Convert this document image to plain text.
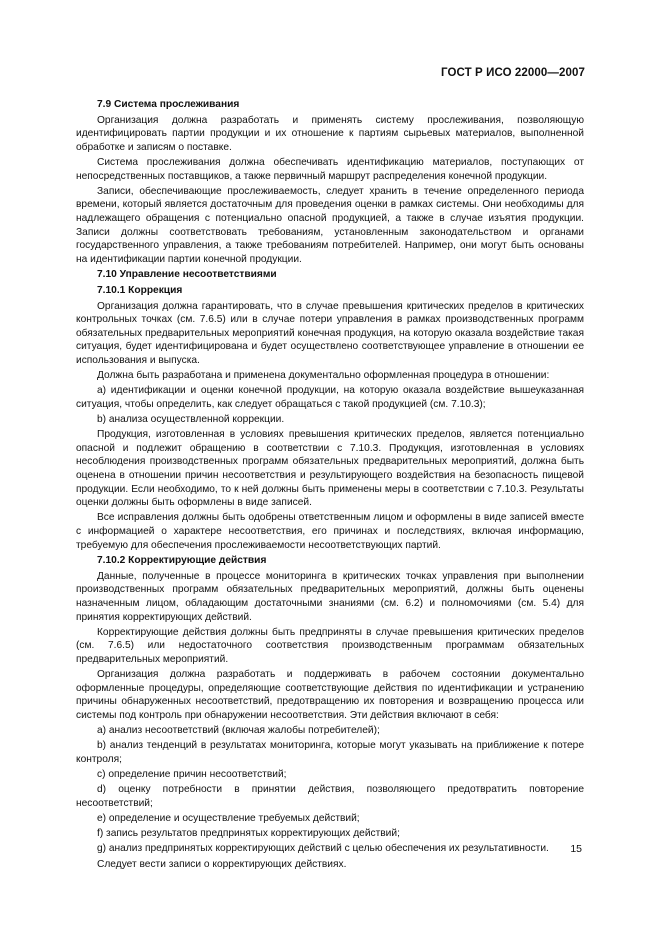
ГОСТ Р ИСО 22000—2007
7.9 Система прослеживания

Организация должна разработать и применять систему прослеживания, позволяющую идентифицировать партии продукции и их отношение к партиям сырьевых материалов, выполненной обработке и записям о поставке.

Система прослеживания должна обеспечивать идентификацию материалов, поступающих от непосредственных поставщиков, а также первичный маршрут распределения конечной продукции.

Записи, обеспечивающие прослеживаемость, следует хранить в течение определенного периода времени, который является достаточным для проведения оценки в рамках системы. Они необходимы для надлежащего обращения с потенциально опасной продукцией, а также в случае изъятия продукции. Записи должны соответствовать требованиям, установленным законодательством и органами государственного управления, а также требованиям потребителей. Например, они могут быть основаны на идентификации партии конечной продукции.

7.10 Управление несоответствиями
7.10.1 Коррекция

Организация должна гарантировать, что в случае превышения критических пределов в критических контрольных точках (см. 7.6.5) или в случае потери управления в рамках производственных программ обязательных предварительных мероприятий конечная продукция, на которую оказала воздействие такая ситуация, будет идентифицирована и будет осуществлено соответствующее управление в отношении ее использования и выпуска.

Должна быть разработана и применена документально оформленная процедура в отношении:

a) идентификации и оценки конечной продукции, на которую оказала воздействие вышеуказанная ситуация, чтобы определить, как следует обращаться с такой продукцией (см. 7.10.3);

b) анализа осуществленной коррекции.

Продукция, изготовленная в условиях превышения критических пределов, является потенциально опасной и подлежит обращению в соответствии с 7.10.3. Продукция, изготовленная в условиях несоблюдения производственных программ обязательных предварительных мероприятий, должна быть оценена в отношении причин несоответствия и результирующего воздействия на безопасность пищевой продукции. Если необходимо, то к ней должны быть применены меры в соответствии с 7.10.3. Результаты оценки должны быть оформлены в виде записей.

Все исправления должны быть одобрены ответственным лицом и оформлены в виде записей вместе с информацией о характере несоответствия, его причинах и последствиях, включая информацию, требуемую для обеспечения прослеживаемости несоответствующих партий.

7.10.2 Корректирующие действия

Данные, полученные в процессе мониторинга в критических точках управления при выполнении производственных программ обязательных предварительных мероприятий, должны быть оценены назначенным лицом, обладающим достаточными знаниями (см. 6.2) и полномочиями (см. 5.4) для принятия корректирующих действий.

Корректирующие действия должны быть предприняты в случае превышения критических пределов (см. 7.6.5) или недостаточного соответствия производственным программам обязательных предварительных мероприятий.

Организация должна разработать и поддерживать в рабочем состоянии документально оформленные процедуры, определяющие соответствующие действия по идентификации и устранению причины обнаруженных несоответствий, предотвращению их повторения и возвращению процесса или системы под контроль при обнаружении несоответствия. Эти действия включают в себя:

a) анализ несоответствий (включая жалобы потребителей);

b) анализ тенденций в результатах мониторинга, которые могут указывать на приближение к потере контроля;

c) определение причин несоответствий;

d) оценку потребности в принятии действия, позволяющего предотвратить повторение несоответствий;

e) определение и осуществление требуемых действий;

f) запись результатов предпринятых корректирующих действий;

g) анализ предпринятых корректирующих действий с целью обеспечения их результативности.

Следует вести записи о корректирующих действиях.

15
